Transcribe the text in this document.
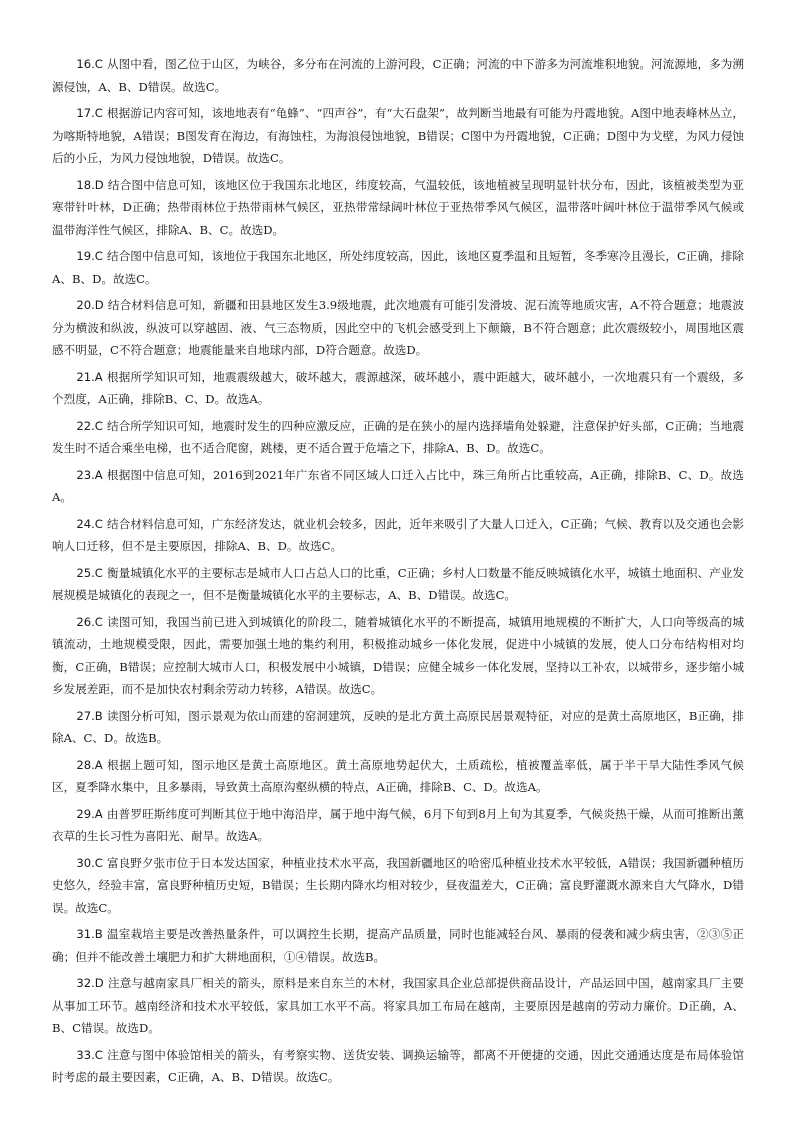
16.C 从图中看，图乙位于山区，为峡谷，多分布在河流的上游河段，C正确；河流的中下游多为河流堆积地貌。河流源地，多为溯源侵蚀，A、B、D错误。故选C。

17.C 根据游记内容可知，该地地表有“龟蜂”、“四声谷”，有“大石盘架”，故判断当地最有可能为丹霞地貌。A图中地表峰林丛立，为喀斯特地貌，A错误；B图发育在海边，有海蚀柱，为海浪侵蚀地貌，B错误；C图中为丹霞地貌，C正确；D图中为戈壁，为风力侵蚀后的小丘，为风力侵蚀地貌，D错误。故选C。

18.D 结合图中信息可知，该地区位于我国东北地区，纬度较高，气温较低，该地植被呈现明显针状分布，因此，该植被类型为亚寒带针叶林，D正确；热带雨林位于热带雨林气候区，亚热带常绿阔叶林位于亚热带季风气候区，温带落叶阔叶林位于温带季风气候或温带海洋性气候区，排除A、B、C。故选D。

19.C 结合图中信息可知，该地位于我国东北地区，所处纬度较高，因此，该地区夏季温和且短暂，冬季寒冷且漫长，C正确，排除A、B、D。故选C。

20.D 结合材料信息可知，新疆和田县地区发生3.9级地震，此次地震有可能引发滑坡、泥石流等地质灾害，A不符合题意；地震波分为横波和纵波，纵波可以穿越固、液、气三态物质，因此空中的飞机会感受到上下颠簸，B不符合题意；此次震级较小，周围地区震感不明显，C不符合题意；地震能量来自地球内部，D符合题意。故选D。

21.A 根据所学知识可知，地震震级越大，破坏越大，震源越深，破坏越小，震中距越大，破坏越小，一次地震只有一个震级，多个烈度，A正确，排除B、C、D。故选A。

22.C 结合所学知识可知，地震时发生的四种应激反应，正确的是在狭小的屋内选择墙角处躲避，注意保护好头部，C正确；当地震发生时不适合乘坐电梯，也不适合爬窗，跳楼，更不适合置于危墙之下，排除A、B、D。故选C。

23.A 根据图中信息可知，2016到2021年广东省不同区域人口迁入占比中，珠三角所占比重较高，A正确，排除B、C、D。故选A。

24.C 结合材料信息可知，广东经济发达，就业机会较多，因此，近年来吸引了大量人口迁入，C正确；气候、教育以及交通也会影响人口迁移，但不是主要原因，排除A、B、D。故选C。

25.C 衡量城镇化水平的主要标志是城市人口占总人口的比重，C正确；乡村人口数量不能反映城镇化水平，城镇土地面积、产业发展规模是城镇化的表现之一，但不是衡量城镇化水平的主要标志，A、B、D错误。故选C。

26.C 读图可知，我国当前已进入到城镇化的阶段二，随着城镇化水平的不断提高，城镇用地规模的不断扩大，人口向等级高的城镇流动，土地规模受限，因此，需要加强土地的集约利用，积极推动城乡一体化发展，促进中小城镇的发展，使人口分布结构相对均衡，C正确，B错误；应控制大城市人口，积极发展中小城镇，D错误；应健全城乡一体化发展，坚持以工补农，以城带乡，逐步缩小城乡发展差距，而不是加快农村剩余劳动力转移，A错误。故选C。

27.B 读图分析可知，图示景观为依山而建的窑洞建筑，反映的是北方黄土高原民居景观特征，对应的是黄土高原地区，B正确，排除A、C、D。故选B。

28.A 根据上题可知，图示地区是黄土高原地区。黄土高原地势起伏大，土质疏松，植被覆盖率低，属于半干旱大陆性季风气候区，夏季降水集中，且多暴雨，导致黄土高原沟壑纵横的特点，A正确，排除B、C、D。故选A。

29.A 由普罗旺斯纬度可判断其位于地中海沿岸，属于地中海气候，6月下旬到8月上旬为其夏季，气候炎热干燥，从而可推断出薰衣草的生长习性为喜阳光、耐旱。故选A。

30.C 富良野夕张市位于日本发达国家，种植业技术水平高，我国新疆地区的哈密瓜种植业技术水平较低，A错误；我国新疆种植历史悠久，经验丰富，富良野种植历史短，B错误；生长期内降水均相对较少，昼夜温差大，C正确；富良野灌溉水源来自大气降水，D错误。故选C。

31.B 温室栽培主要是改善热量条件，可以调控生长期，提高产品质量，同时也能减轻台风、暴雨的侵袭和减少病虫害，②③⑤正确；但并不能改善土壤肥力和扩大耕地面积，①④错误。故选B。

32.D 注意与越南家具厂相关的箭头，原料是来自东兰的木材，我国家具企业总部提供商品设计，产品运回中国，越南家具厂主要从事加工环节。越南经济和技术水平较低，家具加工水平不高。将家具加工布局在越南，主要原因是越南的劳动力廉价。D正确，A、B、C错误。故选D。

33.C 注意与图中体验馆相关的箭头，有考察实物、送货安装、调换运输等，都离不开便捷的交通，因此交通通达度是布局体验馆时考虑的最主要因素，C正确，A、B、D错误。故选C。
